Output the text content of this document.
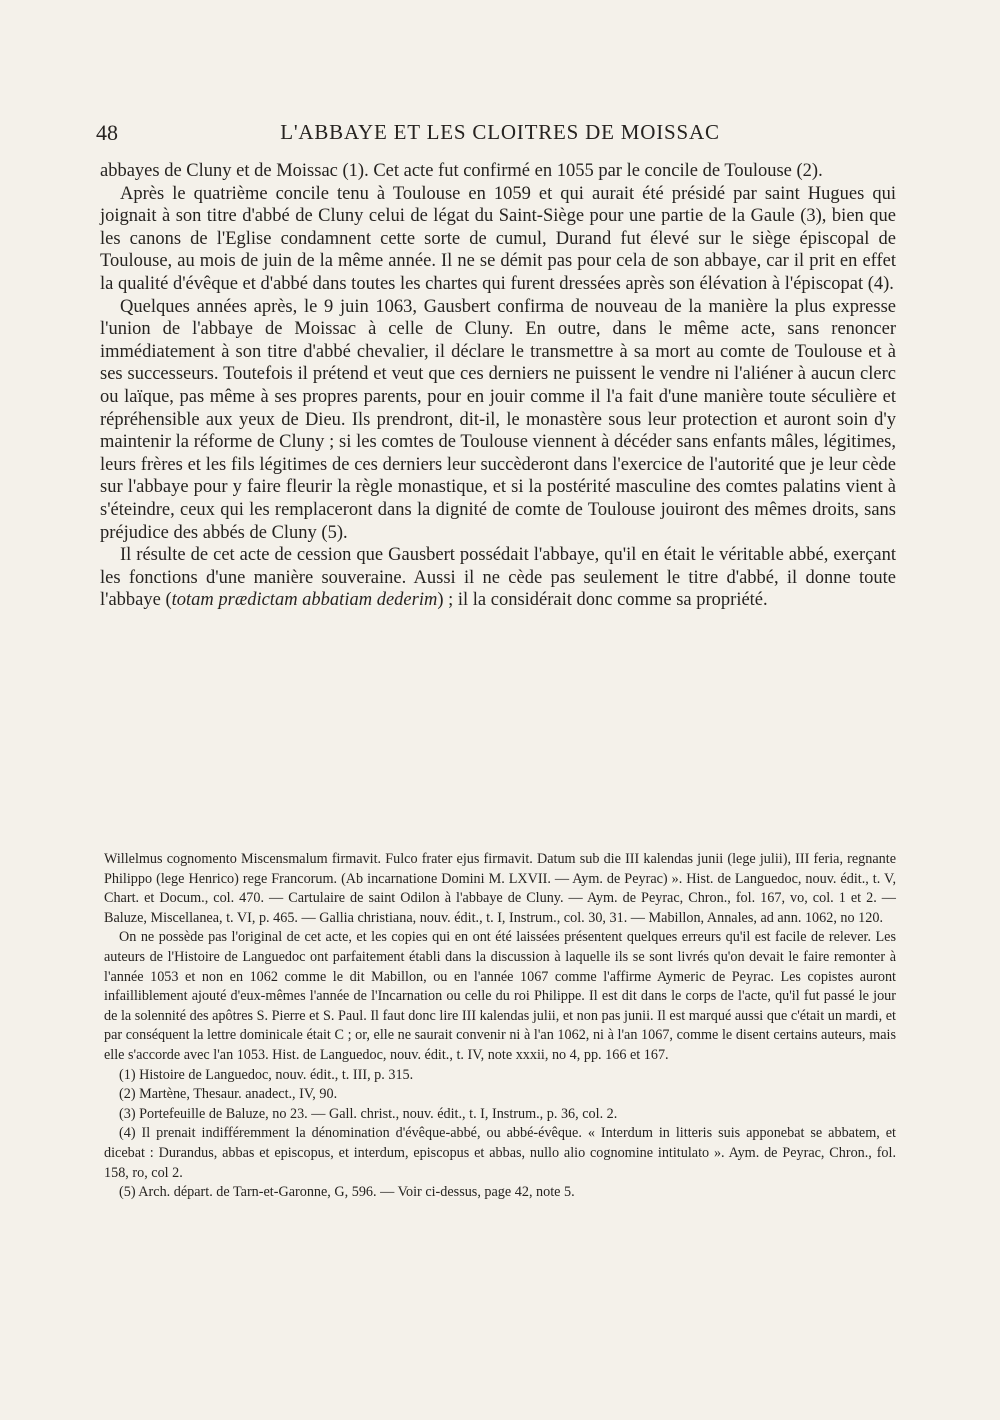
48	L'ABBAYE ET LES CLOITRES DE MOISSAC

abbayes de Cluny et de Moissac (1). Cet acte fut confirmé en 1055 par le concile de Toulouse (2).

Après le quatrième concile tenu à Toulouse en 1059 et qui aurait été présidé par saint Hugues qui joignait à son titre d'abbé de Cluny celui de légat du Saint-Siège pour une partie de la Gaule (3), bien que les canons de l'Eglise condamnent cette sorte de cumul, Durand fut élevé sur le siège épiscopal de Toulouse, au mois de juin de la même année. Il ne se démit pas pour cela de son abbaye, car il prit en effet la qualité d'évêque et d'abbé dans toutes les chartes qui furent dressées après son élévation à l'épiscopat (4).

Quelques années après, le 9 juin 1063, Gausbert confirma de nouveau de la manière la plus expresse l'union de l'abbaye de Moissac à celle de Cluny. En outre, dans le même acte, sans renoncer immédiatement à son titre d'abbé chevalier, il déclare le transmettre à sa mort au comte de Toulouse et à ses successeurs. Toutefois il prétend et veut que ces derniers ne puissent le vendre ni l'aliéner à aucun clerc ou laïque, pas même à ses propres parents, pour en jouir comme il l'a fait d'une manière toute séculière et répréhensible aux yeux de Dieu. Ils prendront, dit-il, le monastère sous leur protection et auront soin d'y maintenir la réforme de Cluny ; si les comtes de Toulouse viennent à décéder sans enfants mâles, légitimes, leurs frères et les fils légitimes de ces derniers leur succèderont dans l'exercice de l'autorité que je leur cède sur l'abbaye pour y faire fleurir la règle monastique, et si la postérité masculine des comtes palatins vient à s'éteindre, ceux qui les remplaceront dans la dignité de comte de Toulouse jouiront des mêmes droits, sans préjudice des abbés de Cluny (5).

Il résulte de cet acte de cession que Gausbert possédait l'abbaye, qu'il en était le véritable abbé, exerçant les fonctions d'une manière souveraine. Aussi il ne cède pas seulement le titre d'abbé, il donne toute l'abbaye (totam prædictam abbatiam dederim) ; il la considérait donc comme sa propriété.

Willelmus cognomento Miscensmalum firmavit. Fulco frater ejus firmavit. Datum sub die III kalendas junii (lege julii), III feria, regnante Philippo (lege Henrico) rege Francorum. (Ab incarnatione Domini M. LXVII. — Aym. de Peyrac) ». Hist. de Languedoc, nouv. édit., t. V, Chart. et Docum., col. 470. — Cartulaire de saint Odilon à l'abbaye de Cluny. — Aym. de Peyrac, Chron., fol. 167, vo, col. 1 et 2. — Baluze, Miscellanea, t. VI, p. 465. — Gallia christiana, nouv. édit., t. I, Instrum., col. 30, 31. — Mabillon, Annales, ad ann. 1062, no 120.

On ne possède pas l'original de cet acte, et les copies qui en ont été laissées présentent quelques erreurs qu'il est facile de relever. Les auteurs de l'Histoire de Languedoc ont parfaitement établi dans la discussion à laquelle ils se sont livrés qu'on devait le faire remonter à l'année 1053 et non en 1062 comme le dit Mabillon, ou en l'année 1067 comme l'affirme Aymeric de Peyrac. Les copistes auront infailliblement ajouté d'eux-mêmes l'année de l'Incarnation ou celle du roi Philippe. Il est dit dans le corps de l'acte, qu'il fut passé le jour de la solennité des apôtres S. Pierre et S. Paul. Il faut donc lire III kalendas julii, et non pas junii. Il est marqué aussi que c'était un mardi, et par conséquent la lettre dominicale était C ; or, elle ne saurait convenir ni à l'an 1062, ni à l'an 1067, comme le disent certains auteurs, mais elle s'accorde avec l'an 1053. Hist. de Languedoc, nouv. édit., t. IV, note xxxii, no 4, pp. 166 et 167.

(1) Histoire de Languedoc, nouv. édit., t. III, p. 315.

(2) Martène, Thesaur. anadect., IV, 90.

(3) Portefeuille de Baluze, no 23. — Gall. christ., nouv. édit., t. I, Instrum., p. 36, col. 2.

(4) Il prenait indifféremment la dénomination d'évêque-abbé, ou abbé-évêque. « Interdum in litteris suis apponebat se abbatem, et dicebat : Durandus, abbas et episcopus, et interdum, episcopus et abbas, nullo alio cognomine intitulato ». Aym. de Peyrac, Chron., fol. 158, ro, col 2.

(5) Arch. départ. de Tarn-et-Garonne, G, 596. — Voir ci-dessus, page 42, note 5.
